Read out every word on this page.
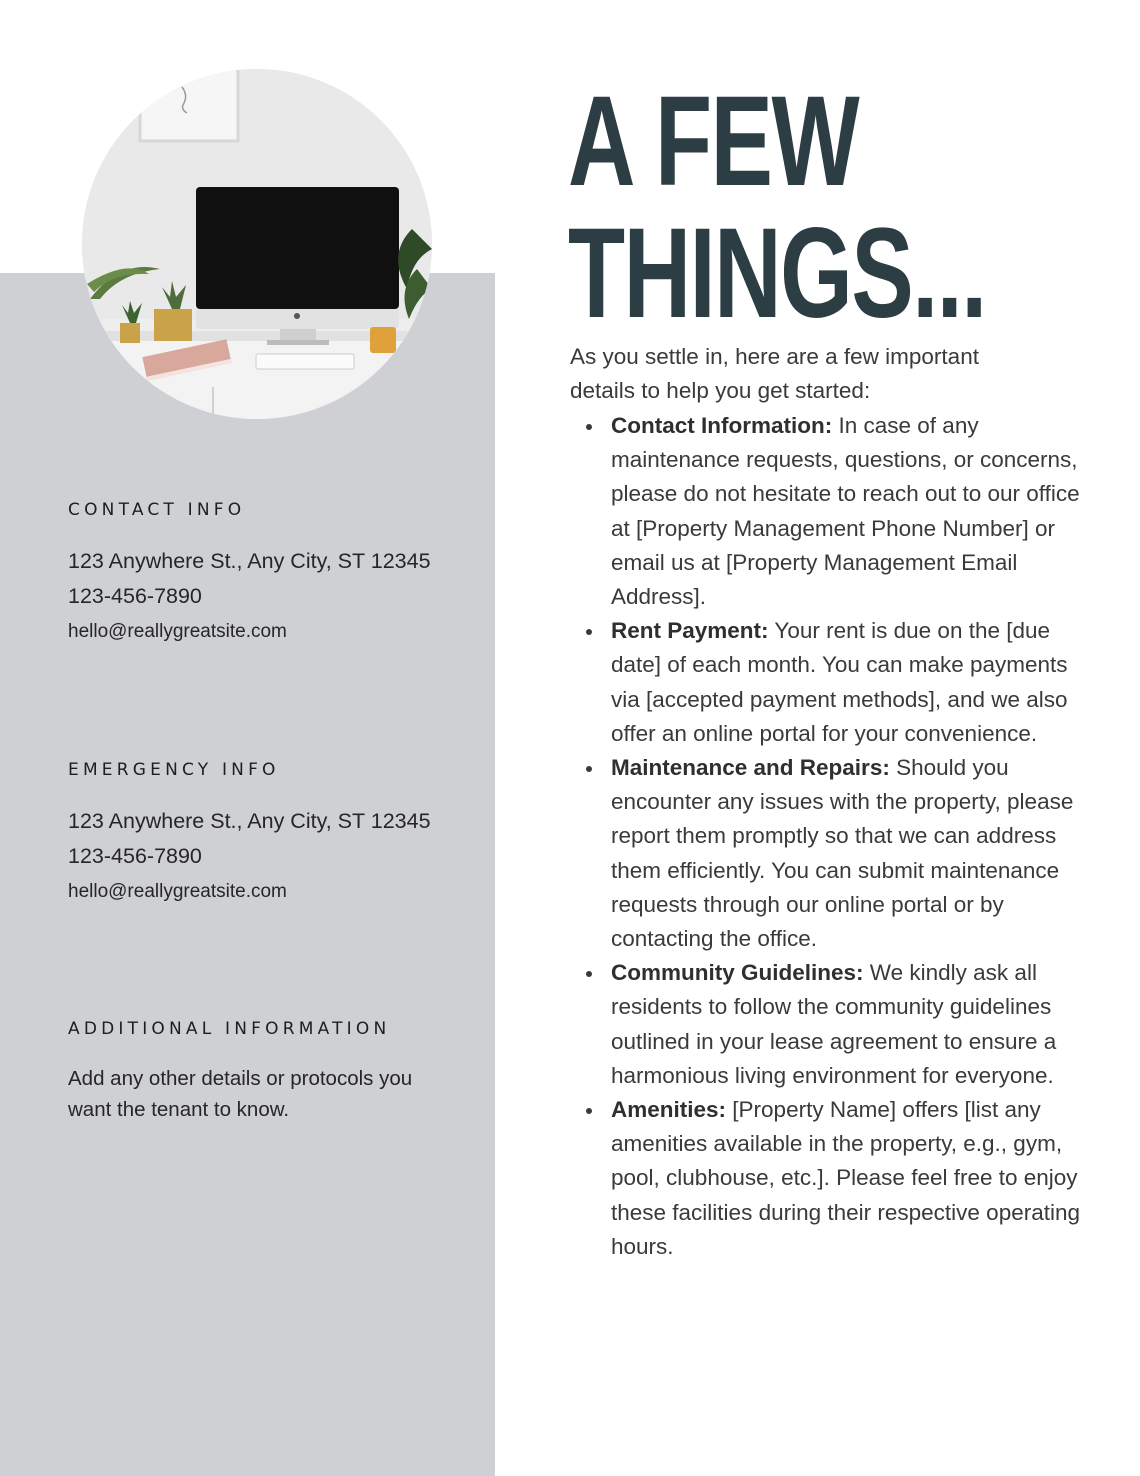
A FEW
THINGS...

As you settle in, here are a few important details to help you get started:

Contact Information: In case of any maintenance requests, questions, or concerns, please do not hesitate to reach out to our office at [Property Management Phone Number] or email us at [Property Management Email Address].
Rent Payment: Your rent is due on the [due date] of each month. You can make payments via [accepted payment methods], and we also offer an online portal for your convenience.
Maintenance and Repairs: Should you encounter any issues with the property, please report them promptly so that we can address them efficiently. You can submit maintenance requests through our online portal or by contacting the office.
Community Guidelines: We kindly ask all residents to follow the community guidelines outlined in your lease agreement to ensure a harmonious living environment for everyone.
Amenities: [Property Name] offers [list any amenities available in the property, e.g., gym, pool, clubhouse, etc.]. Please feel free to enjoy these facilities during their respective operating hours.
CONTACT INFO
123 Anywhere St., Any City, ST 12345
123-456-7890
hello@reallygreatsite.com
EMERGENCY INFO
123 Anywhere St., Any City, ST 12345
123-456-7890
hello@reallygreatsite.com
ADDITIONAL INFORMATION

Add any other details or protocols you want the tenant to know.
